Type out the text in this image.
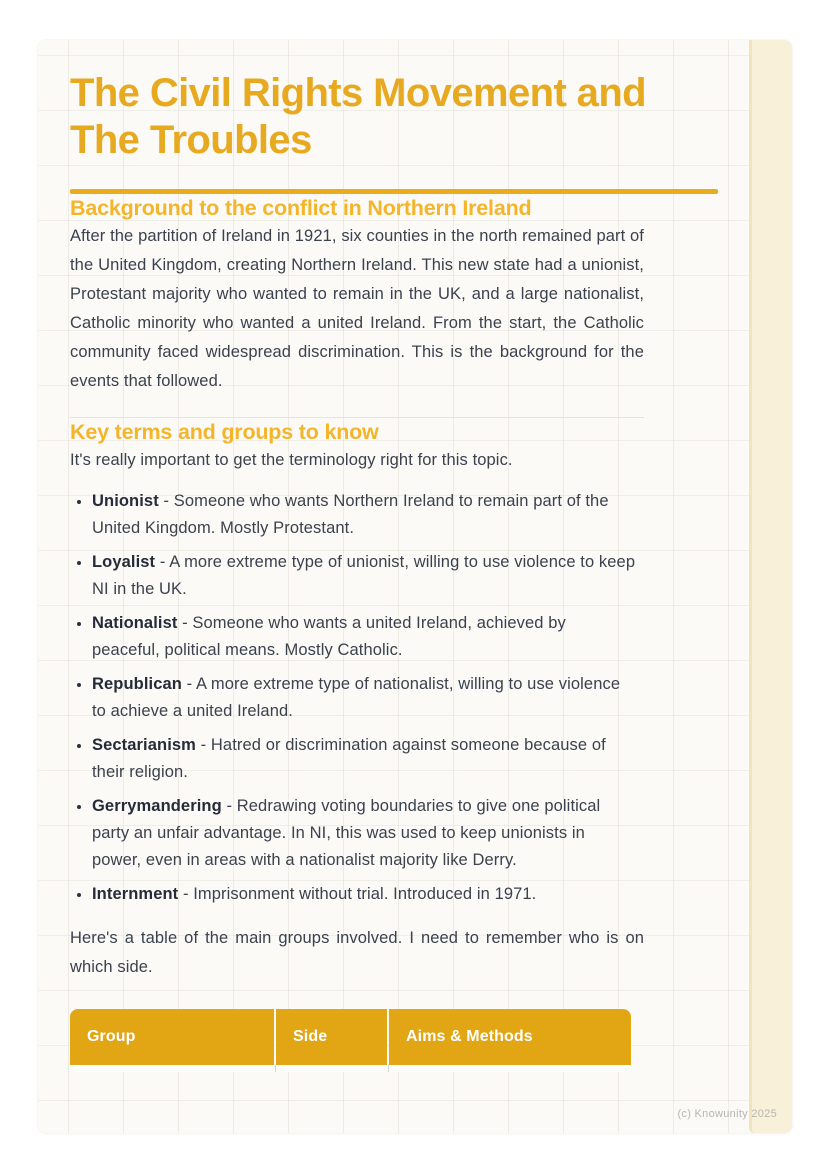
The Civil Rights Movement and The Troubles
Background to the conflict in Northern Ireland

After the partition of Ireland in 1921, six counties in the north remained part of the United Kingdom, creating Northern Ireland. This new state had a unionist, Protestant majority who wanted to remain in the UK, and a large nationalist, Catholic minority who wanted a united Ireland. From the start, the Catholic community faced widespread discrimination. This is the background for the events that followed.

Key terms and groups to know

It's really important to get the terminology right for this topic.

• Unionist - Someone who wants Northern Ireland to remain part of the United Kingdom. Mostly Protestant.
• Loyalist - A more extreme type of unionist, willing to use violence to keep NI in the UK.
• Nationalist - Someone who wants a united Ireland, achieved by peaceful, political means. Mostly Catholic.
• Republican - A more extreme type of nationalist, willing to use violence to achieve a united Ireland.
• Sectarianism - Hatred or discrimination against someone because of their religion.
• Gerrymandering - Redrawing voting boundaries to give one political party an unfair advantage. In NI, this was used to keep unionists in power, even in areas with a nationalist majority like Derry.
• Internment - Imprisonment without trial. Introduced in 1971.

Here's a table of the main groups involved. I need to remember who is on which side.

Group	Side	Aims & Methods
(c) Knowunity 2025
